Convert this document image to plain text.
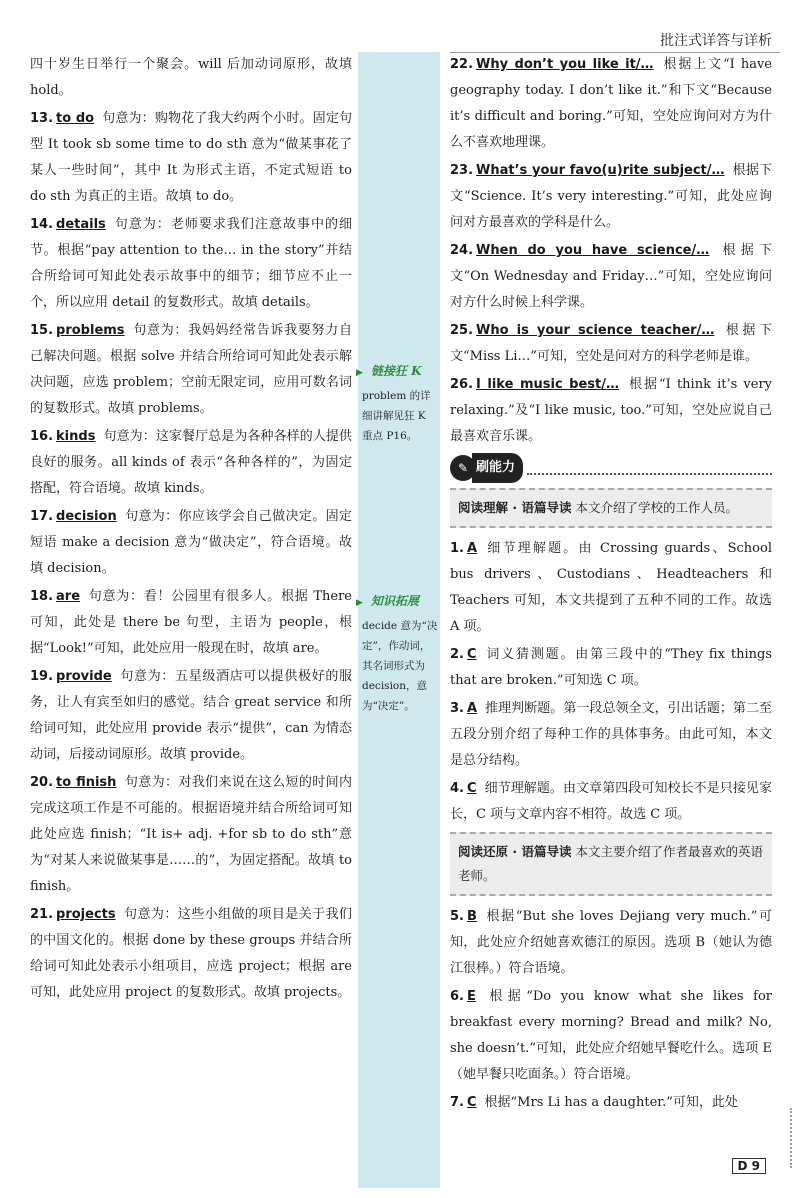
批注式详答与详析
▶ 链接狂 K
problem 的详细讲解见狂 K 重点 P16。
▶ 知识拓展
decide 意为“决定”，作动词，其名词形式为 decision，意为“决定”。
四十岁生日举行一个聚会。will 后加动词原形，故填 hold。
13. to do 句意为：购物花了我大约两个小时。固定句型 It took sb some time to do sth 意为“做某事花了某人一些时间”，其中 It 为形式主语，不定式短语 to do sth 为真正的主语。故填 to do。
14. details 句意为：老师要求我们注意故事中的细节。根据“pay attention to the… in the story”并结合所给词可知此处表示故事中的细节；细节应不止一个，所以应用 detail 的复数形式。故填 details。
15. problems 句意为：我妈妈经常告诉我要努力自己解决问题。根据 solve 并结合所给词可知此处表示解决问题，应选 problem；空前无限定词，应用可数名词的复数形式。故填 problems。
16. kinds 句意为：这家餐厅总是为各种各样的人提供良好的服务。all kinds of 表示“各种各样的”，为固定搭配，符合语境。故填 kinds。
17. decision 句意为：你应该学会自己做决定。固定短语 make a decision 意为“做决定”，符合语境。故填 decision。
18. are 句意为：看！公园里有很多人。根据 There 可知，此处是 there be 句型，主语为 people，根据“Look!”可知，此处应用一般现在时，故填 are。
19. provide 句意为：五星级酒店可以提供极好的服务，让人有宾至如归的感觉。结合 great service 和所给词可知，此处应用 provide 表示“提供”，can 为情态动词，后接动词原形。故填 provide。
20. to finish 句意为：对我们来说在这么短的时间内完成这项工作是不可能的。根据语境并结合所给词可知此处应选 finish；“It is+ adj. +for sb to do sth”意为“对某人来说做某事是……的”，为固定搭配。故填 to finish。
21. projects 句意为：这些小组做的项目是关于我们的中国文化的。根据 done by these groups 并结合所给词可知此处表示小组项目，应选 project；根据 are 可知，此处应用 project 的复数形式。故填 projects。
22. Why don’t you like it/… 根据上文“I have geography today. I don’t like it.”和下文“Because it’s difficult and boring.”可知，空处应询问对方为什么不喜欢地理课。
23. What’s your favo(u)rite subject/… 根据下文“Science. It’s very interesting.”可知，此处应询问对方最喜欢的学科是什么。
24. When do you have science/… 根据下文“On Wednesday and Friday…”可知，空处应询问对方什么时候上科学课。
25. Who is your science teacher/… 根据下文“Miss Li…”可知，空处是问对方的科学老师是谁。
26. I like music best/… 根据“I think it’s very relaxing.”及“I like music, too.”可知，空处应说自己最喜欢音乐课。
✎ 刷能力
阅读理解 · 语篇导读 本文介绍了学校的工作人员。
1. A 细节理解题。由 Crossing guards、School bus drivers、Custodians、Headteachers 和 Teachers 可知，本文共提到了五种不同的工作。故选 A 项。
2. C 词义猜测题。由第三段中的“They fix things that are broken.”可知选 C 项。
3. A 推理判断题。第一段总领全文，引出话题；第二至五段分别介绍了每种工作的具体事务。由此可知，本文是总分结构。
4. C 细节理解题。由文章第四段可知校长不是只接见家长，C 项与文章内容不相符。故选 C 项。
阅读还原 · 语篇导读 本文主要介绍了作者最喜欢的英语老师。
5. B 根据“But she loves Dejiang very much.”可知，此处应介绍她喜欢德江的原因。选项 B（她认为德江很棒。）符合语境。
6. E 根据“Do you know what she likes for breakfast every morning? Bread and milk? No, she doesn’t.”可知，此处应介绍她早餐吃什么。选项 E（她早餐只吃面条。）符合语境。
7. C 根据“Mrs Li has a daughter.”可知，此处
D 9
